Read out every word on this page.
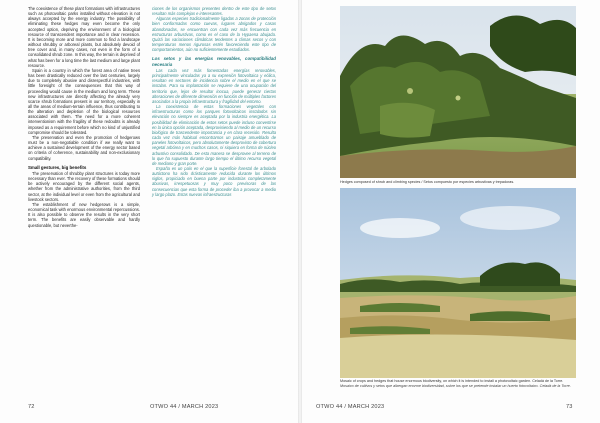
The coexistence of these plant formations with infrastructures such as photovoltaic parks installed without elevation is not always accepted by the energy industry. The possibility of eliminating these hedges may even become the only accepted option, depriving the environment of a biological resource of transcendent importance and in clear recession. It is becoming more and more common to find a landscape without shrubby or arboreal plants, but absolutely devoid of tree cover and, in many cases, not even in the form of a consolidated shrub zone. In this way, the terrain is deprived of what has been for a long time the last medium and large plant resource.

Spain is a country in which the forest area of native trees has been drastically reduced over the last centuries, largely due to completely abusive and disrespectful industries, with little foresight of the consequences that this way of proceeding would cause in the medium and long term. These new infrastructures are directly affecting the already very scarce shrub formations present in our territory, especially in all the areas of medium-terrain influence, thus contributing to the alteration and depletion of the biological resources associated with them. The need for a more coherent interventionism with the fragility of these redoubts is already imposed as a requirement before which no kind of unjustified compromise should be tolerated.

The preservation and even the promotion of hedgerows must be a non-negotiable condition if we really want to achieve a sustained development of the energy sector based on criteria of coherence, sustainability and non-exclusionary compatibility.

Small gestures, big benefits

The preservation of shrubby plant structures is today more necessary than ever. The recovery of these formations should be actively encouraged by the different social agents, whether from the administrative authorities, from the third sector, at the individual level or even from the agricultural and livestock sectors.

The establishment of new hedgerows is a simple, economical task with enormous environmental repercussions. It is also possible to observe the results in the very short term. The benefits are easily observable and hardly questionable, but neverthe-

ciones de los organismos presentes dentro de este tipo de setos resultan más complejas e interesantes.

Algunas especies tradicionalmente ligadas a zonas de protección bien conformadas como cuevas, lugares abrigados y casas abandonadas, se encuentran con cada vez más frecuencia en estructuras arbustivas, como es el caso de la Hypaena abujada. Quizá las variaciones climáticas tendentes a climas secos y con temperaturas menos rigurosas estén favoreciendo este tipo de comportamientos, aún no suficientemente estudiados.

Los setos y las energías renovables, compatibilidad necesaria

Las cada vez más fomentadas energías renovables, principalmente vinculadas ya a su expresión fotovoltaica y eólica, resultan en sectores de incidencia sobre el medio en el que se instalan. Para su implantación se requiere de una ocupación del territorio que, lejos de resultar inocua, puede generar ciertas alteraciones de diferente dimensión en función de múltiples factores asociados a la propia infraestructura y fragilidad del entorno.

La coexistencia de estas formaciones vegetales con infraestructuras como los parques fotovoltaicos instalados sin elevación no siempre es aceptada por la industria energética. La posibilidad de eliminación de estos setos puede incluso convertirse en la única opción aceptada, desprovisiendo al medio de un recurso biológico de trascendente importancia y en clara recesión. Resulta cada vez más habitual encontrarnos un paisaje amueblado de paneles fotovoltaicos, pero absolutamente desprovisto de cobertura vegetal arbórea y en muchos casos, ni siquiera en forma de núcleo arbustivo consolidado. De esta manera se desprovee al terreno de lo que ha supuesto durante largo tiempo el último recurso vegetal de mediano y gran porte.

España es un país en el que la superficie forestal de arbolado autóctono ha sido drásticamente reducida durante los últimos siglos, propiciado en buena parte por industrias completamente abusivas, irrespetuosas y muy poco previsoras de las consecuencias que esta forma de proceder iba a provocar a medio y largo plazo. Estas nuevas infraestructuras

72	OTWO 44 / MARCH 2023
Hedges composed of shrub and climbing species / Setos compuesto por especies arbustivas y trepadoras.
Mosaic of crops and hedges that house enormous biodiversity, on which it is intended to install a photovoltaic garden. Celadá de la Torre.
Mosaico de cultivos y setos que albergan enorme biodiversidad, sobre los que se pretende instalar un huerto fotovoltaico. Celadá de la Torre.
OTWO 44 / MARCH 2023	73
